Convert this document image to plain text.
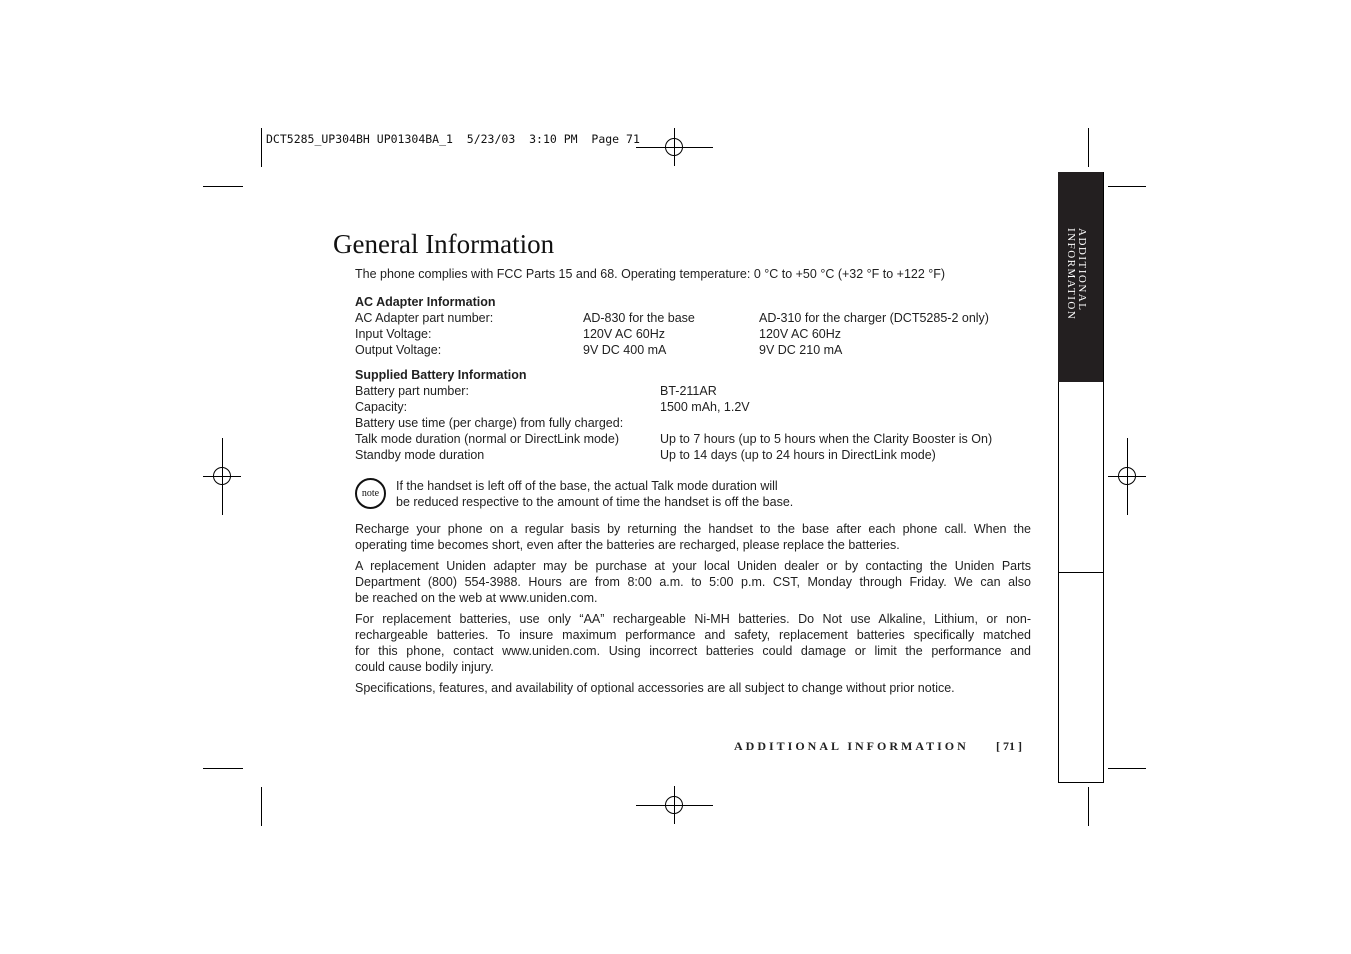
DCT5285_UP304BH UP01304BA_1  5/23/03  3:10 PM  Page 71
ADDITIONAL
INFORMATION
General Information
The phone complies with FCC Parts 15 and 68. Operating temperature: 0 °C to +50 °C (+32 °F to +122 °F)
AC Adapter Information
AC Adapter part number:	AD-830 for the base	AD-310 for the charger (DCT5285-2 only)
Input Voltage:	120V AC 60Hz	120V AC 60Hz
Output Voltage:	9V DC 400 mA	9V DC 210 mA
Supplied Battery Information
Battery part number:	BT-211AR
Capacity:	1500 mAh, 1.2V
Battery use time (per charge) from fully charged:
Talk mode duration (normal or DirectLink mode)	Up to 7 hours (up to 5 hours when the Clarity Booster is On)
Standby mode duration	Up to 14 days (up to 24 hours in DirectLink mode)
note
If the handset is left off of the base, the actual Talk mode duration will
be reduced respective to the amount of time the handset is off the base.
Recharge your phone on a regular basis by returning the handset to the base after each phone call. When the
operating time becomes short, even after the batteries are recharged, please replace the batteries.
A replacement Uniden adapter may be purchase at your local Uniden dealer or by contacting the Uniden Parts
Department (800) 554-3988. Hours are from 8:00 a.m. to 5:00 p.m. CST, Monday through Friday. We can also
be reached on the web at www.uniden.com.
For replacement batteries, use only “AA” rechargeable Ni-MH batteries. Do Not use Alkaline, Lithium, or non-
rechargeable batteries. To insure maximum performance and safety, replacement batteries specifically matched
for this phone, contact www.uniden.com. Using incorrect batteries could damage or limit the performance and
could cause bodily injury.
Specifications, features, and availability of optional accessories are all subject to change without prior notice.
ADDITIONAL INFORMATION [ 71 ]
